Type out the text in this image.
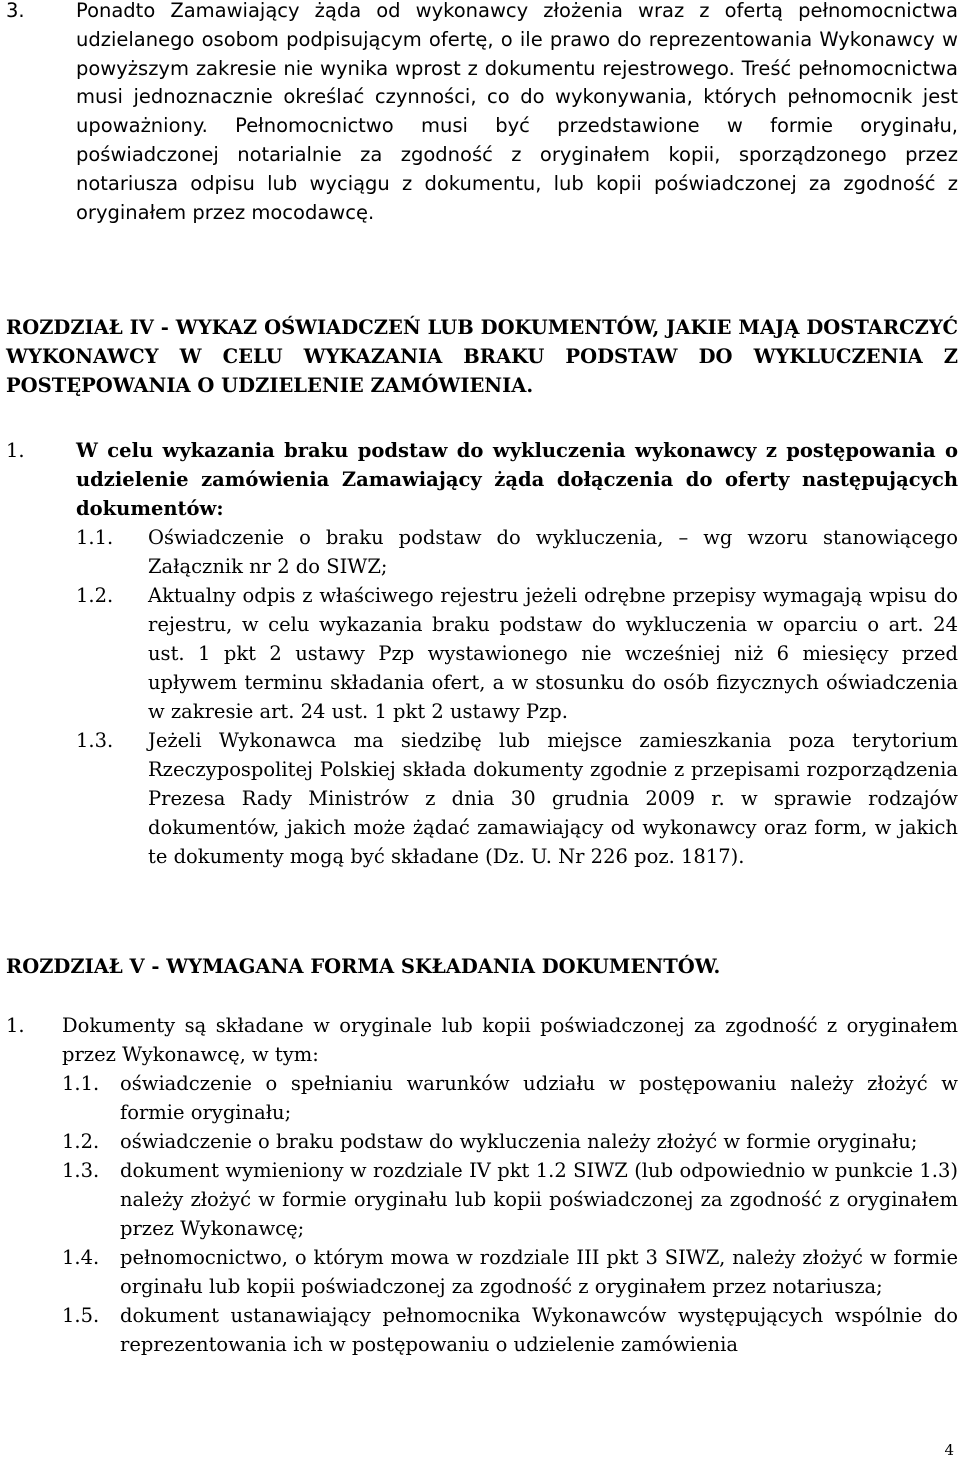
3.	Ponadto Zamawiający żąda od wykonawcy złożenia wraz z ofertą pełnomocnictwa udzielanego osobom podpisującym ofertę, o ile prawo do reprezentowania Wykonawcy w powyższym zakresie nie wynika wprost z dokumentu rejestrowego. Treść pełnomocnictwa musi jednoznacznie określać czynności, co do wykonywania, których pełnomocnik jest upoważniony. Pełnomocnictwo musi być przedstawione w formie oryginału, poświadczonej notarialnie za zgodność z oryginałem kopii, sporządzonego przez notariusza odpisu lub wyciągu z dokumentu, lub kopii poświadczonej za zgodność z oryginałem przez mocodawcę.
ROZDZIAŁ IV - WYKAZ OŚWIADCZEŃ LUB DOKUMENTÓW, JAKIE MAJĄ DOSTARCZYĆ WYKONAWCY W CELU WYKAZANIA BRAKU PODSTAW DO WYKLUCZENIA Z POSTĘPOWANIA O UDZIELENIE ZAMÓWIENIA.
1.	W celu wykazania braku podstaw do wykluczenia wykonawcy z postępowania o udzielenie zamówienia Zamawiający żąda dołączenia do oferty następujących dokumentów:
1.1. Oświadczenie o braku podstaw do wykluczenia, – wg wzoru stanowiącego Załącznik nr 2 do SIWZ;
1.2. Aktualny odpis z właściwego rejestru jeżeli odrębne przepisy wymagają wpisu do rejestru, w celu wykazania braku podstaw do wykluczenia w oparciu o art. 24 ust. 1 pkt 2 ustawy Pzp wystawionego nie wcześniej niż 6 miesięcy przed upływem terminu składania ofert, a w stosunku do osób fizycznych oświadczenia w zakresie art. 24 ust. 1 pkt 2 ustawy Pzp.
1.3. Jeżeli Wykonawca ma siedzibę lub miejsce zamieszkania poza terytorium Rzeczypospolitej Polskiej składa dokumenty zgodnie z przepisami rozporządzenia Prezesa Rady Ministrów z dnia 30 grudnia 2009 r. w sprawie rodzajów dokumentów, jakich może żądać zamawiający od wykonawcy oraz form, w jakich te dokumenty mogą być składane (Dz. U. Nr 226 poz. 1817).
ROZDZIAŁ V - WYMAGANA FORMA SKŁADANIA DOKUMENTÓW.
1. Dokumenty są składane w oryginale lub kopii poświadczonej za zgodność z oryginałem przez Wykonawcę, w tym:
1.1. oświadczenie o spełnianiu warunków udziału w postępowaniu należy złożyć w formie oryginału;
1.2. oświadczenie o braku podstaw do wykluczenia należy złożyć w formie oryginału;
1.3. dokument wymieniony w rozdziale IV pkt 1.2 SIWZ (lub odpowiednio w punkcie 1.3) należy złożyć w formie oryginału lub kopii poświadczonej za zgodność z oryginałem przez Wykonawcę;
1.4. pełnomocnictwo, o którym mowa w rozdziale III pkt 3 SIWZ, należy złożyć w formie orginału lub kopii poświadczonej za zgodność z oryginałem przez notariusza;
1.5. dokument ustanawiający pełnomocnika Wykonawców występujących wspólnie do reprezentowania ich w postępowaniu o udzielenie zamówienia
4
